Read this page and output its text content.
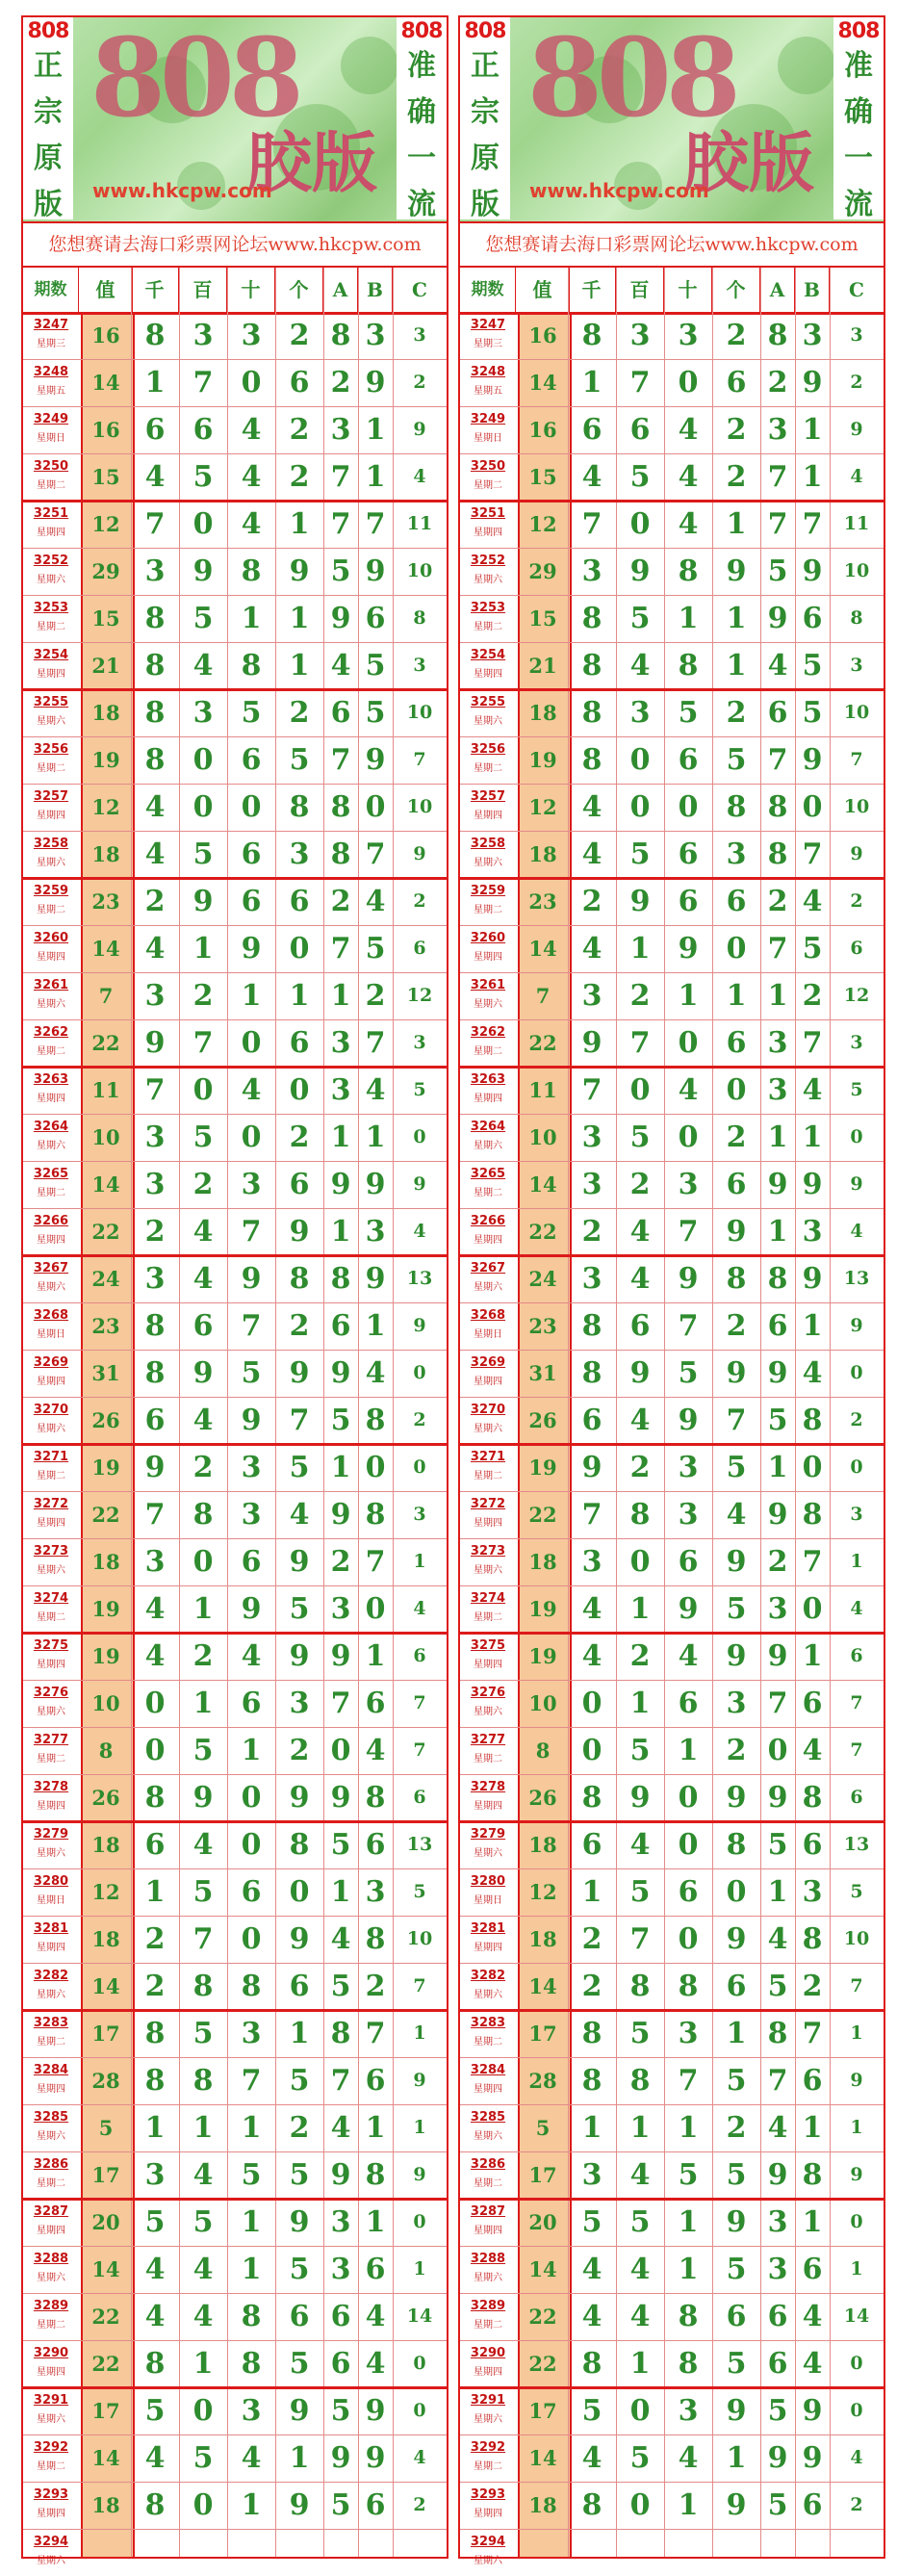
808
胶版
www.hkcpw.com
808
正
宗
原
版
808
准
确
一
流
您想赛请去海口彩票网论坛www.hkcpw.com
期数	值	千	百	十	个	A B	C
3247
星期三	16 8 3 3 2 8 3	3
3248
星期五	14 1 7 0 6 2 9	2
3249
星期日	16 6 6 4 2 3 1	9
3250
星期二	15 4 5 4 2 7 1	4
3251
星期四	12 7 0 4 1 7 7	11
3252
星期六	29 3 9 8 9 5 9	10
3253
星期二	15 8 5 1 1 9 6	8
3254
星期四	21 8 4 8 1 4 5	3
3255
星期六	18 8 3 5 2 6 5	10
3256
星期二	19 8 0 6 5 7 9	7
3257
星期四	12 4 0 0 8 8 0	10
3258
星期六	18 4 5 6 3 8 7	9
3259
星期二	23 2 9 6 6 2 4	2
3260
星期四	14 4 1 9 0 7 5	6
3261
星期六	7	3 2 1 1 1 2	12
3262
星期二	22 9 7 0 6 3 7	3
3263
星期四	11 7 0 4 0 3 4	5
3264
星期六	10 3 5 0 2 1 1	0
3265
星期二	14 3 2 3 6 9 9	9
3266
星期四	22 2 4 7 9 1 3	4
3267
星期六	24 3 4 9 8 8 9	13
3268
星期日	23 8 6 7 2 6 1	9
3269
星期四	31 8 9 5 9 9 4	0
3270
星期六	26 6 4 9 7 5 8	2
3271
星期二	19 9 2 3 5 1 0	0
3272
星期四	22 7 8 3 4 9 8	3
3273
星期六	18 3 0 6 9 2 7	1
3274
星期二	19 4 1 9 5 3 0	4
3275
星期四	19 4 2 4 9 9 1	6
3276
星期六	10 0 1 6 3 7 6	7
3277
星期二	8	0 5 1 2 0 4	7
3278
星期四	26 8 9 0 9 9 8	6
3279
星期六	18 6 4 0 8 5 6	13
3280
星期日	12 1 5 6 0 1 3	5
3281
星期四	18 2 7 0 9 4 8	10
3282
星期六	14 2 8 8 6 5 2	7
3283
星期二	17 8 5 3 1 8 7	1
3284
星期四	28 8 8 7 5 7 6	9
3285
星期六	5	1 1 1 2 4 1	1
3286
星期二	17 3 4 5 5 9 8	9
3287
星期四	20 5 5 1 9 3 1	0
3288
星期六	14 4 4 1 5 3 6	1
3289
星期二	22 4 4 8 6 6 4	14
3290
星期四	22 8 1 8 5 6 4	0
3291
星期六	17 5 0 3 9 5 9	0
3292
星期二	14 4 5 4 1 9 9	4
3293
星期四	18 8 0 1 9 5 6	2
3294
星期六
808
胶版
www.hkcpw.com
808
正
宗
原
版
808
准
确
一
流
您想赛请去海口彩票网论坛www.hkcpw.com
期数	值	千	百	十	个	A B	C
3247
星期三	16 8 3 3 2 8 3	3
3248
星期五	14 1 7 0 6 2 9	2
3249
星期日	16 6 6 4 2 3 1	9
3250
星期二	15 4 5 4 2 7 1	4
3251
星期四	12 7 0 4 1 7 7	11
3252
星期六	29 3 9 8 9 5 9	10
3253
星期二	15 8 5 1 1 9 6	8
3254
星期四	21 8 4 8 1 4 5	3
3255
星期六	18 8 3 5 2 6 5	10
3256
星期二	19 8 0 6 5 7 9	7
3257
星期四	12 4 0 0 8 8 0	10
3258
星期六	18 4 5 6 3 8 7	9
3259
星期二	23 2 9 6 6 2 4	2
3260
星期四	14 4 1 9 0 7 5	6
3261
星期六	7	3 2 1 1 1 2	12
3262
星期二	22 9 7 0 6 3 7	3
3263
星期四	11 7 0 4 0 3 4	5
3264
星期六	10 3 5 0 2 1 1	0
3265
星期二	14 3 2 3 6 9 9	9
3266
星期四	22 2 4 7 9 1 3	4
3267
星期六	24 3 4 9 8 8 9	13
3268
星期日	23 8 6 7 2 6 1	9
3269
星期四	31 8 9 5 9 9 4	0
3270
星期六	26 6 4 9 7 5 8	2
3271
星期二	19 9 2 3 5 1 0	0
3272
星期四	22 7 8 3 4 9 8	3
3273
星期六	18 3 0 6 9 2 7	1
3274
星期二	19 4 1 9 5 3 0	4
3275
星期四	19 4 2 4 9 9 1	6
3276
星期六	10 0 1 6 3 7 6	7
3277
星期二	8	0 5 1 2 0 4	7
3278
星期四	26 8 9 0 9 9 8	6
3279
星期六	18 6 4 0 8 5 6	13
3280
星期日	12 1 5 6 0 1 3	5
3281
星期四	18 2 7 0 9 4 8	10
3282
星期六	14 2 8 8 6 5 2	7
3283
星期二	17 8 5 3 1 8 7	1
3284
星期四	28 8 8 7 5 7 6	9
3285
星期六	5	1 1 1 2 4 1	1
3286
星期二	17 3 4 5 5 9 8	9
3287
星期四	20 5 5 1 9 3 1	0
3288
星期六	14 4 4 1 5 3 6	1
3289
星期二	22 4 4 8 6 6 4	14
3290
星期四	22 8 1 8 5 6 4	0
3291
星期六	17 5 0 3 9 5 9	0
3292
星期二	14 4 5 4 1 9 9	4
3293
星期四	18 8 0 1 9 5 6	2
3294
星期六
